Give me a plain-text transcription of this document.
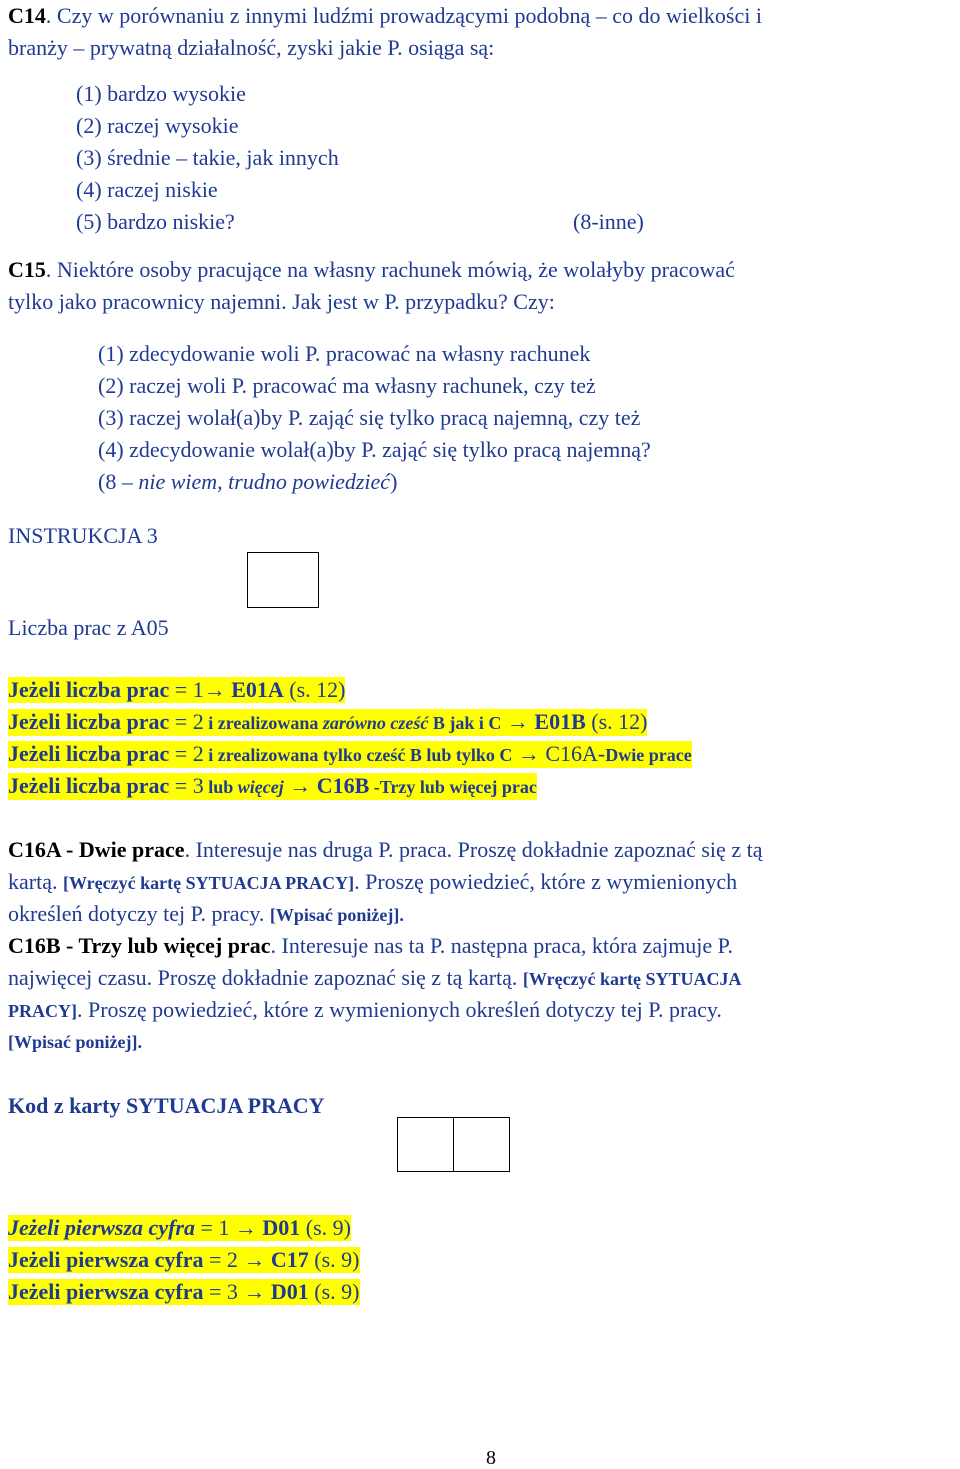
C14. Czy w porównaniu z innymi ludźmi prowadzącymi podobną – co do wielkości i
branży – prywatną działalność, zyski jakie P. osiąga są:
(1) bardzo wysokie
(2) raczej wysokie
(3) średnie – takie, jak innych
(4) raczej niskie
(5) bardzo niskie?	(8-inne)
C15. Niektóre osoby pracujące na własny rachunek mówią, że wolałyby pracować
tylko jako pracownicy najemni. Jak jest w P. przypadku? Czy:
(1) zdecydowanie woli P. pracować na własny rachunek
(2) raczej woli P. pracować ma własny rachunek, czy też
(3) raczej wolał(a)by P. zająć się tylko pracą najemną, czy też
(4) zdecydowanie wolał(a)by P. zająć się tylko pracą najemną?
(8 – nie wiem, trudno powiedzieć)
INSTRUKCJA 3
Liczba prac z A05
Jeżeli liczba prac = 1→ E01A (s. 12)
Jeżeli liczba prac = 2 i zrealizowana zarówno cześć B jak i C → E01B (s. 12)
Jeżeli liczba prac = 2 i zrealizowana tylko cześć B lub tylko C → C16A-Dwie prace
Jeżeli liczba prac = 3 lub więcej → C16B -Trzy lub więcej prac
C16A - Dwie prace. Interesuje nas druga P. praca. Proszę dokładnie zapoznać się z tą
kartą. [Wręczyć kartę SYTUACJA PRACY]. Proszę powiedzieć, które z wymienionych
określeń dotyczy tej P. pracy. [Wpisać poniżej].
C16B - Trzy lub więcej prac. Interesuje nas ta P. następna praca, która zajmuje P.
najwięcej czasu. Proszę dokładnie zapoznać się z tą kartą. [Wręczyć kartę SYTUACJA
PRACY]. Proszę powiedzieć, które z wymienionych określeń dotyczy tej P. pracy.
[Wpisać poniżej].
Kod z karty SYTUACJA PRACY
Jeżeli pierwsza cyfra = 1 → D01 (s. 9)
Jeżeli pierwsza cyfra = 2 → C17 (s. 9)
Jeżeli pierwsza cyfra = 3 → D01 (s. 9)
8
